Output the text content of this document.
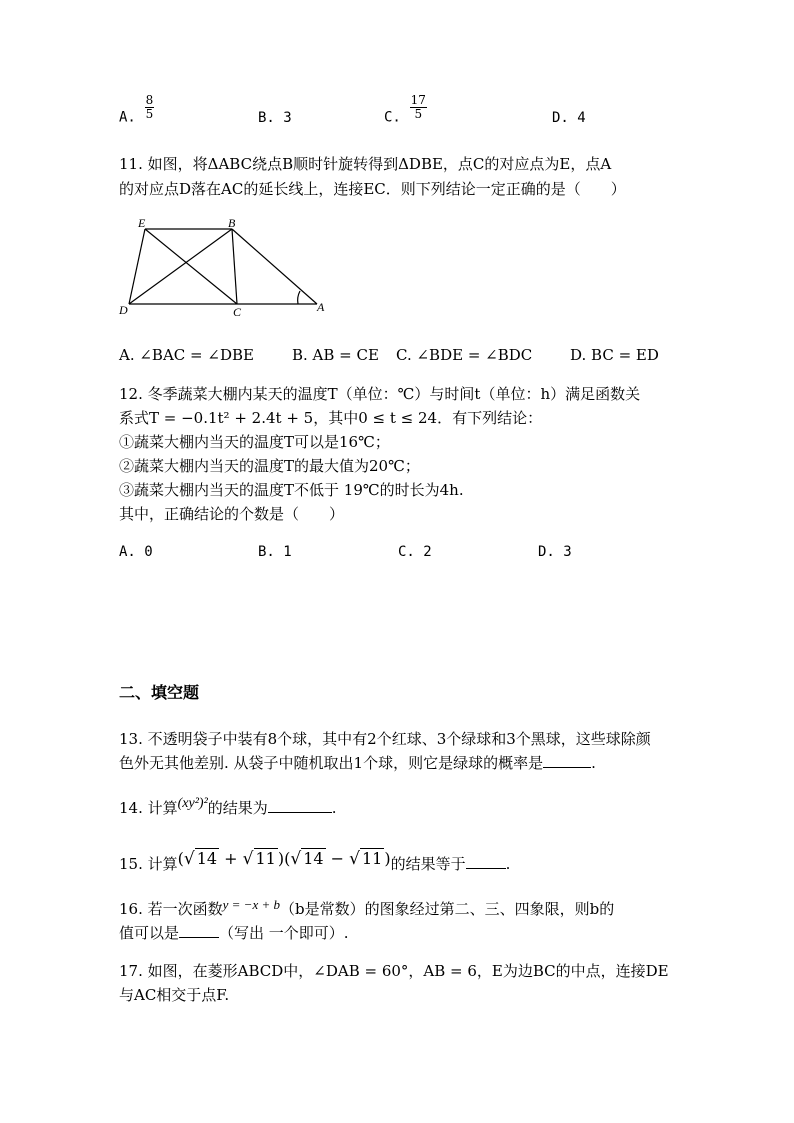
A. $\frac{8}{5}$	B. 3	C. $\frac{17}{5}$	D. 4
11. 如图，将ΔABC绕点B顺时针旋转得到ΔDBE，点C的对应点为E，点A
的对应点D落在AC的延长线上，连接EC．则下列结论一定正确的是（　　）
E	B
D	C	A
A. ∠BAC = ∠DBE	B. AB = CE C. ∠BDE = ∠BDC	D. BC = ED
12. 冬季蔬菜大棚内某天的温度T（单位：℃）与时间t（单位：h）满足函数关
系式T = −0.1t² + 2.4t + 5，其中0 ≤ t ≤ 24．有下列结论：
①蔬菜大棚内当天的温度T可以是16℃；
②蔬菜大棚内当天的温度T的最大值为20℃；
③蔬菜大棚内当天的温度T不低于 19℃的时长为4h.
其中，正确结论的个数是（　　）
A. 0	B. 1	C. 2	D. 3
二、填空题
13. 不透明袋子中装有8个球，其中有2个红球、3个绿球和3个黑球，这些球除颜
色外无其他差别. 从袋子中随机取出1个球，则它是绿球的概率是	.
14. 计算(xy²)²的结果为	.
15. 计算(√ 14 + √ 11 )(√ 14 − √ 11 )的结果等于	.
16. 若一次函数y = −x + b（b是常数）的图象经过第二、三、四象限，则b的
值可以是	（写出 一个即可）.
17. 如图，在菱形ABCD中，∠DAB = 60°，AB = 6，E为边BC的中点，连接DE
与AC相交于点F.
